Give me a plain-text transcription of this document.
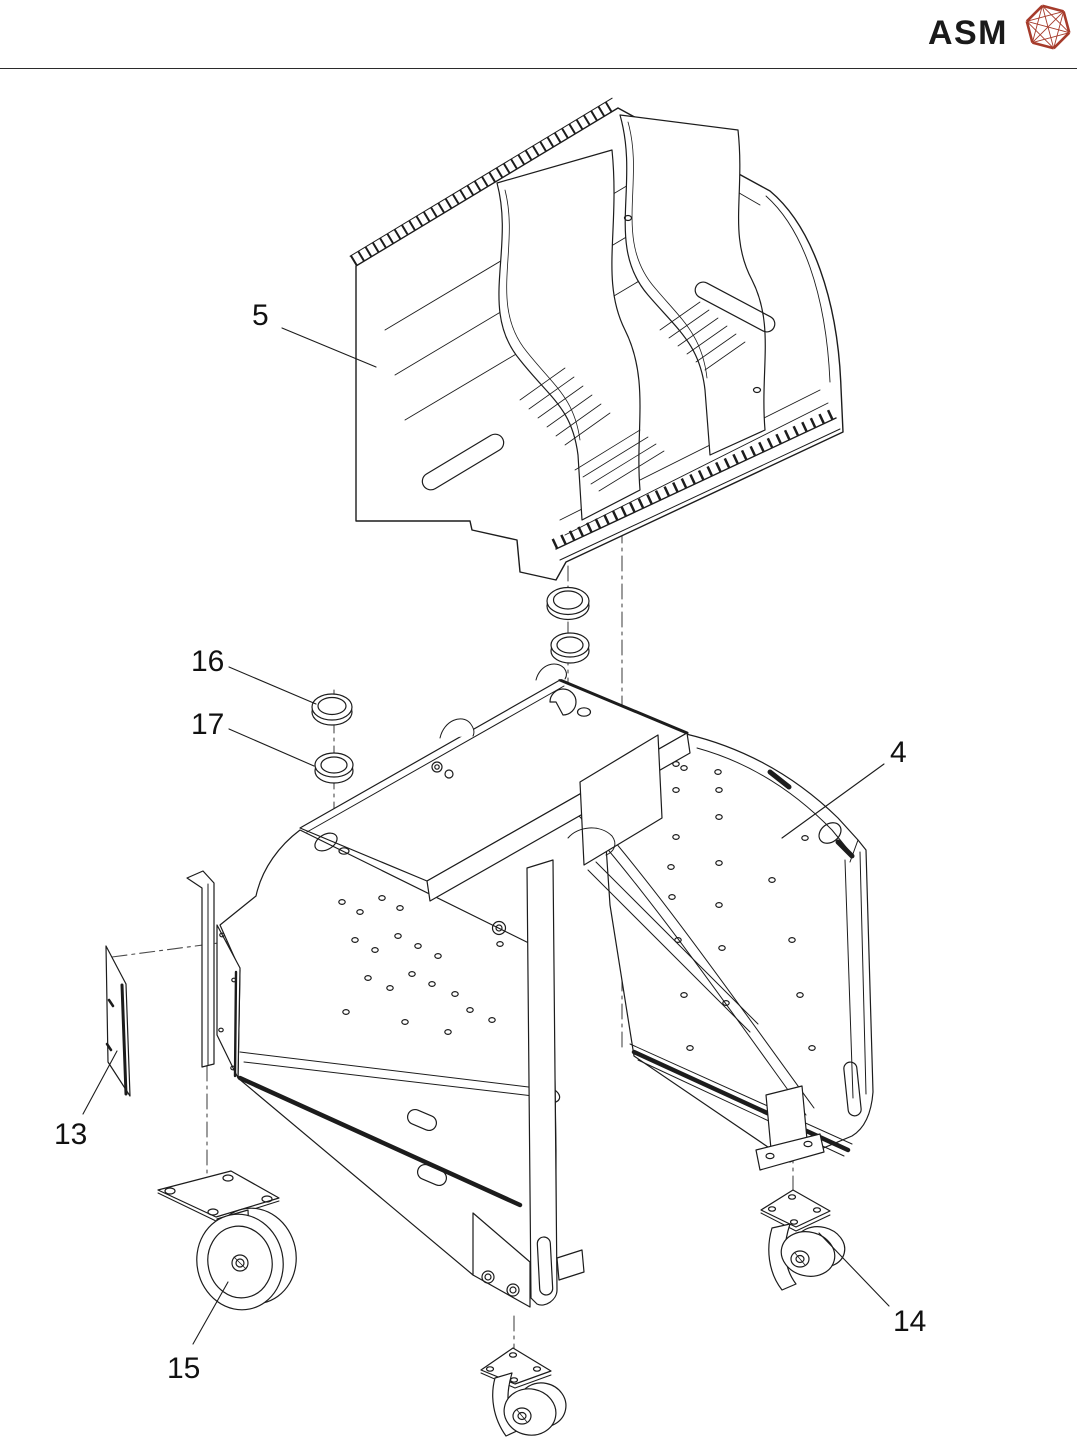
ASM
5
16
17
4
13
15
14
